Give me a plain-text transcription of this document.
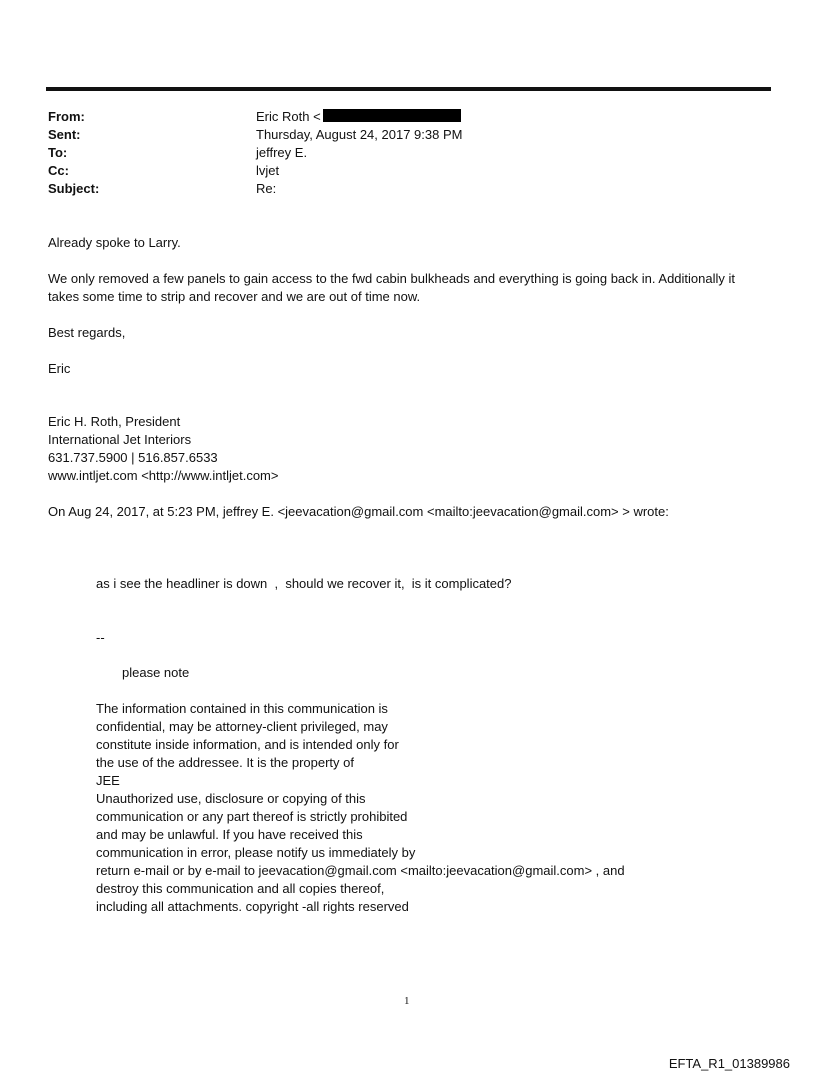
From:	Eric Roth <
Sent:	Thursday, August 24, 2017 9:38 PM
To:	jeffrey E.
Cc:	lvjet
Subject:	Re:
Already spoke to Larry.
We only removed a few panels to gain access to the fwd cabin bulkheads and everything is going back in. Additionally it
takes some time to strip and recover and we are out of time now.
Best regards,
Eric
Eric H. Roth, President
International Jet Interiors
631.737.5900 | 516.857.6533
www.intljet.com <http://www.intljet.com>
On Aug 24, 2017, at 5:23 PM, jeffrey E. <jeevacation@gmail.com <mailto:jeevacation@gmail.com> > wrote:
as i see the headliner is down  ,  should we recover it,  is it complicated?
--
please note
The information contained in this communication is
confidential, may be attorney-client privileged, may
constitute inside information, and is intended only for
the use of the addressee. It is the property of
JEE
Unauthorized use, disclosure or copying of this
communication or any part thereof is strictly prohibited
and may be unlawful. If you have received this
communication in error, please notify us immediately by
return e-mail or by e-mail to jeevacation@gmail.com <mailto:jeevacation@gmail.com> , and
destroy this communication and all copies thereof,
including all attachments. copyright -all rights reserved
1
EFTA_R1_01389986
